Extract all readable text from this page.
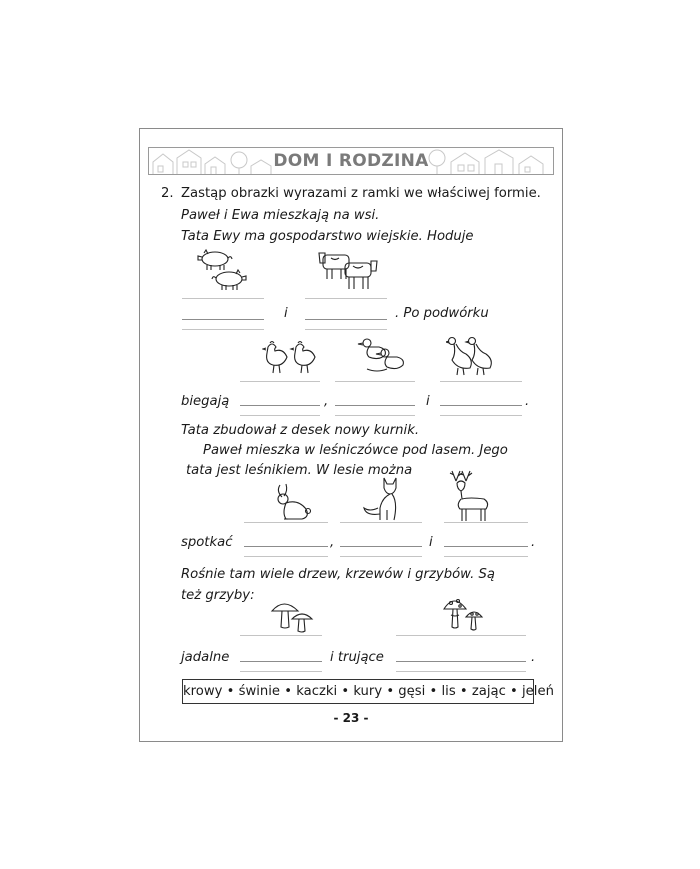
DOM I RODZINA
2. Zastąp obrazki wyrazami z ramki we właściwej formie.
Paweł i Ewa mieszkają na wsi.
Tata Ewy ma gospodarstwo wiejskie. Hoduje
i	. Po podwórku
biegają	,	i	.
Tata zbudował z desek nowy kurnik.
Paweł mieszka w leśniczówce pod lasem. Jego
tata jest leśnikiem. W lesie można
spotkać	,	i	.
Rośnie tam wiele drzew, krzewów i grzybów. Są
też grzyby:
jadalne	i trujące	.
krowy • świnie • kaczki • kury • gęsi • lis • zając • jeleń
- 23 -
